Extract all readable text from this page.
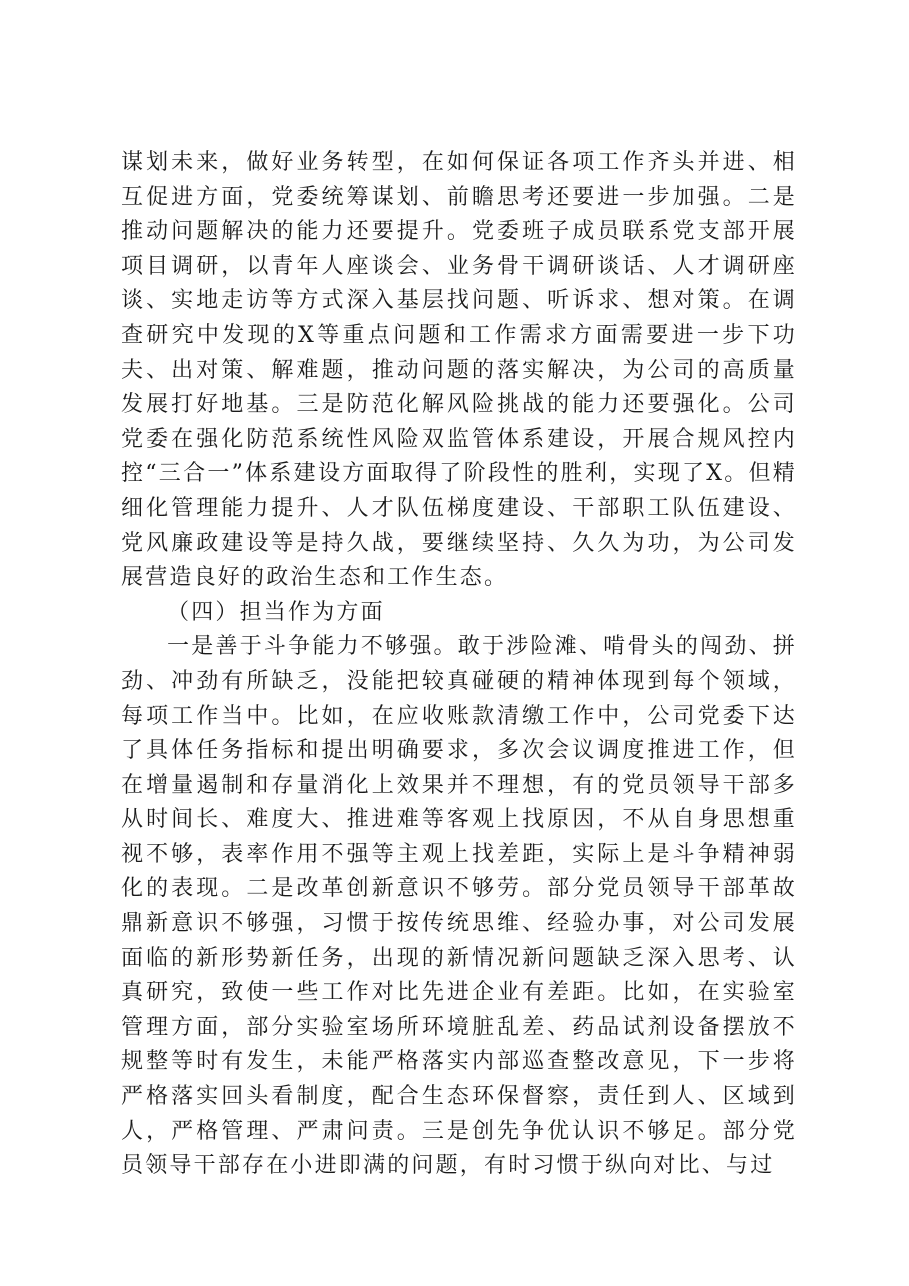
谋划未来，做好业务转型，在如何保证各项工作齐头并进、相互促进方面，党委统筹谋划、前瞻思考还要进一步加强。二是推动问题解决的能力还要提升。党委班子成员联系党支部开展项目调研，以青年人座谈会、业务骨干调研谈话、人才调研座谈、实地走访等方式深入基层找问题、听诉求、想对策。在调查研究中发现的X等重点问题和工作需求方面需要进一步下功夫、出对策、解难题，推动问题的落实解决，为公司的高质量发展打好地基。三是防范化解风险挑战的能力还要强化。公司党委在强化防范系统性风险双监管体系建设，开展合规风控内控“三合一”体系建设方面取得了阶段性的胜利，实现了X。但精细化管理能力提升、人才队伍梯度建设、干部职工队伍建设、党风廉政建设等是持久战，要继续坚持、久久为功，为公司发展营造良好的政治生态和工作生态。

（四）担当作为方面

一是善于斗争能力不够强。敢于涉险滩、啃骨头的闯劲、拼劲、冲劲有所缺乏，没能把较真碰硬的精神体现到每个领域，每项工作当中。比如，在应收账款清缴工作中，公司党委下达了具体任务指标和提出明确要求，多次会议调度推进工作，但在增量遏制和存量消化上效果并不理想，有的党员领导干部多从时间长、难度大、推进难等客观上找原因，不从自身思想重视不够，表率作用不强等主观上找差距，实际上是斗争精神弱化的表现。二是改革创新意识不够劳。部分党员领导干部革故鼎新意识不够强，习惯于按传统思维、经验办事，对公司发展面临的新形势新任务，出现的新情况新问题缺乏深入思考、认真研究，致使一些工作对比先进企业有差距。比如，在实验室管理方面，部分实验室场所环境脏乱差、药品试剂设备摆放不规整等时有发生，未能严格落实内部巡查整改意见，下一步将严格落实回头看制度，配合生态环保督察，责任到人、区域到人，严格管理、严肃问责。三是创先争优认识不够足。部分党员领导干部存在小进即满的问题，有时习惯于纵向对比、与过
